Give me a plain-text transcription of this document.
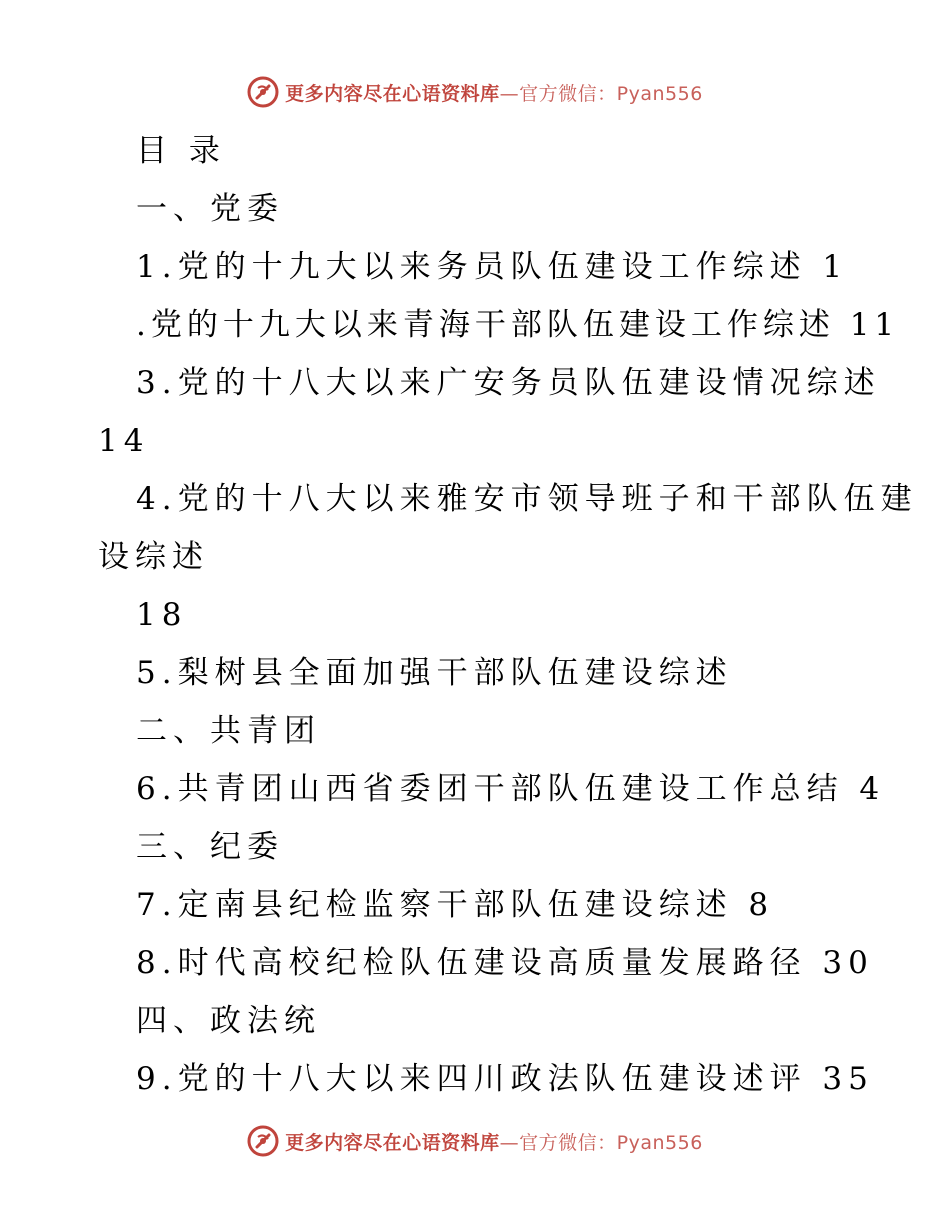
更多内容尽在心语资料库—官方微信：Pyan556
目 录
一、党委
1.党的十九大以来务员队伍建设工作综述 1
.党的十九大以来青海干部队伍建设工作综述 11
3.党的十八大以来广安务员队伍建设情况综述
14
4.党的十八大以来雅安市领导班子和干部队伍建
设综述
18
5.梨树县全面加强干部队伍建设综述
二、共青团
6.共青团山西省委团干部队伍建设工作总结 4
三、纪委
7.定南县纪检监察干部队伍建设综述 8
8.时代高校纪检队伍建设高质量发展路径 30
四、政法统
9.党的十八大以来四川政法队伍建设述评 35
更多内容尽在心语资料库—官方微信：Pyan556
